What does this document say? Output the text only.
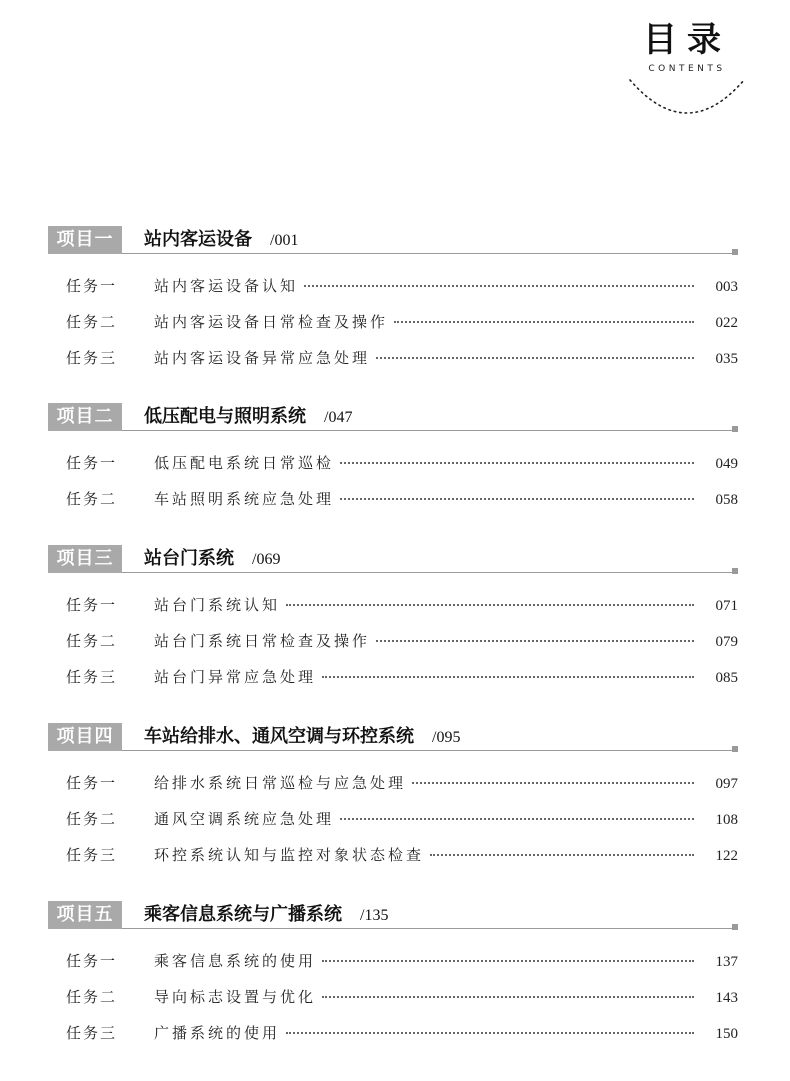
目录
CONTENTS
项目一	站内客运设备 /001
任务一	站内客运设备认知	003
任务二	站内客运设备日常检查及操作	022
任务三	站内客运设备异常应急处理	035
项目二	低压配电与照明系统 /047
任务一	低压配电系统日常巡检	049
任务二	车站照明系统应急处理	058
项目三	站台门系统 /069
任务一	站台门系统认知	071
任务二	站台门系统日常检查及操作	079
任务三	站台门异常应急处理	085
项目四	车站给排水、通风空调与环控系统 /095
任务一	给排水系统日常巡检与应急处理	097
任务二	通风空调系统应急处理	108
任务三	环控系统认知与监控对象状态检查	122
项目五	乘客信息系统与广播系统 /135
任务一	乘客信息系统的使用	137
任务二	导向标志设置与优化	143
任务三	广播系统的使用	150
